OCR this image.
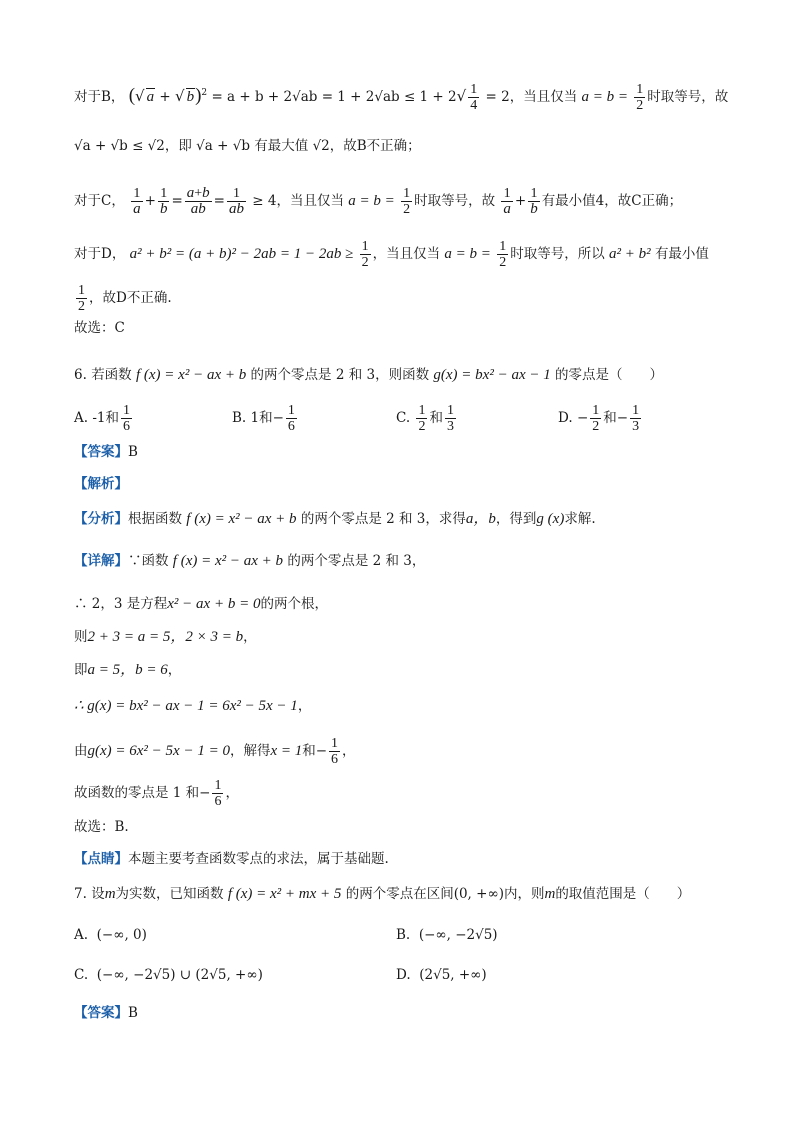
对于B， (√ a + √ $b)^2 = a + b + 2√ab = 1 + 2√ab \le 1 + 2√ \frac{1}{4} = 2$，当且仅当 $a = b = \frac{1}{2}$ 时取等号，故
√a + √b ≤ √2，即 √a + √b 有最大值 √2，故B不正确；
对于C， $\frac{1}{a} + \frac{1}{b} = \frac{a+b}{ab} = \frac{1}{ab} \ge 4$，当且仅当 $a = b = \frac{1}{2}$ 时取等号，故 $\frac{1}{a} + \frac{1}{b}$ 有最小值4，故C正确；
对于D， $a^2 + b^2 = (a + b)^2 - 2ab = 1 - 2ab \ge \frac{1}{2}$ ，当且仅当 $a = b = \frac{1}{2}$ 时取等号，所以 a² + b² 有最小值
$\frac{1}{2}$ ，故D不正确.
故选：C
6. 若函数 f (x) = x² − ax + b 的两个零点是 2 和 3，则函数 g(x) = bx² − ax − 1 的零点是（　　）
A. -1和 $\frac{1}{6}$	B. 1和− $\frac{1}{6}$	C. $\frac{1}{2}$ 和 $\frac{1}{3}$	D. − $\frac{1}{2}$ 和− $\frac{1}{3}$
【答案】B
【解析】
【分析】根据函数 f (x) = x² − ax + b 的两个零点是 2 和 3，求得a，b，得到g (x)求解.
【详解】∵函数 f (x) = x² − ax + b 的两个零点是 2 和 3，
∴ 2，3 是方程x² − ax + b = 0的两个根，
则2 + 3 = a = 5，2 × 3 = b，
即a = 5，b = 6，
∴ g(x) = bx² − ax − 1 = 6x² − 5x − 1，
由g(x) = 6x² − 5x − 1 = 0，解得x = 1和− $\frac{1}{6}$ ，
故函数的零点是 1 和− $\frac{1}{6}$ ，
故选：B.
【点睛】本题主要考查函数零点的求法，属于基础题.
7. 设m为实数，已知函数 f (x) = x² + mx + 5 的两个零点在区间(0, +∞)内，则m的取值范围是（　　）
A. (−∞, 0)	B. (−∞, −2√5)
C. (−∞, −2√5) ∪ (2√5, +∞)	D. (2√5, +∞)
【答案】B
